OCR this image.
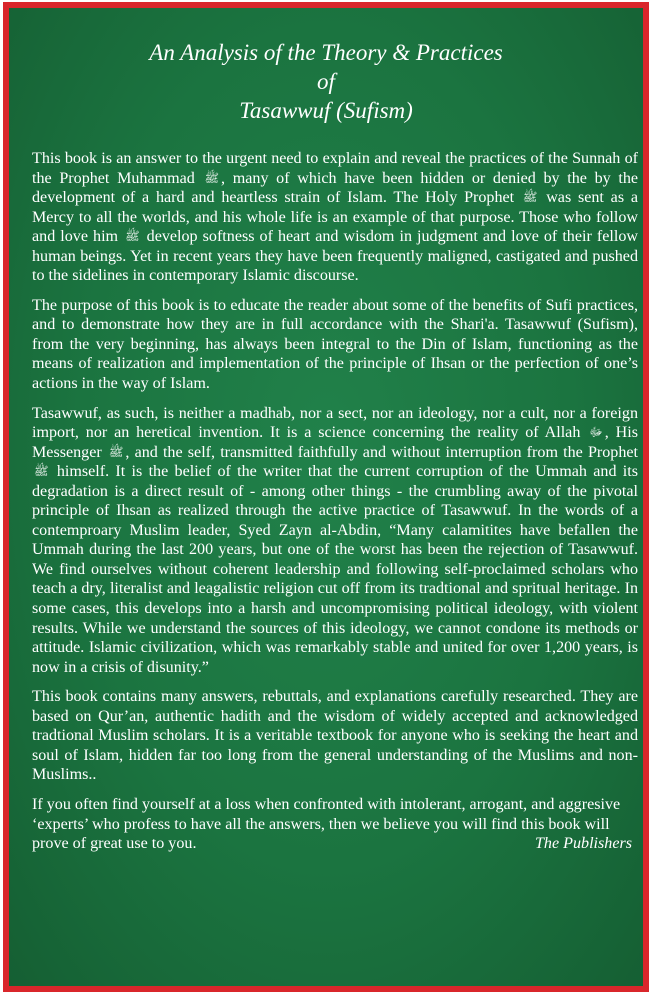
An Analysis of the Theory & Practices
of
Tasawwuf (Sufism)

This book is an answer to the urgent need to explain and reveal the practices of the Sunnah of the Prophet Muhammad ﷺ , many of which have been hidden or denied by the by the development of a hard and heartless strain of Islam. The Holy Prophet ﷺ was sent as a Mercy to all the worlds, and his whole life is an example of that purpose. Those who follow and love him ﷺ develop softness of heart and wisdom in judgment and love of their fellow human beings. Yet in recent years they have been frequently maligned, castigated and pushed to the sidelines in contemporary Islamic discourse.

The purpose of this book is to educate the reader about some of the benefits of Sufi practices, and to demonstrate how they are in full accordance with the Shari'a. Tasawwuf (Sufism), from the very beginning, has always been integral to the Din of Islam, functioning as the means of realization and implementation of the principle of Ihsan or the perfection of one’s actions in the way of Islam.

Tasawwuf, as such, is neither a madhab, nor a sect, nor an ideology, nor a cult, nor a foreign import, nor an heretical invention. It is a science concerning the reality of Allah ﷻ , His Messenger ﷺ , and the self, transmitted faithfully and without interruption from the Prophet ﷺ himself. It is the belief of the writer that the current corruption of the Ummah and its degradation is a direct result of - among other things - the crumbling away of the pivotal principle of Ihsan as realized through the active practice of Tasawwuf. In the words of a contemproary Muslim leader, Syed Zayn al-Abdin, “Many calamitites have befallen the Ummah during the last 200 years, but one of the worst has been the rejection of Tasawwuf. We find ourselves without coherent leadership and following self-proclaimed scholars who teach a dry, literalist and leagalistic religion cut off from its tradtional and spritual heritage. In some cases, this develops into a harsh and uncompromising political ideology, with violent results. While we understand the sources of this ideology, we cannot condone its methods or attitude. Islamic civilization, which was remarkably stable and united for over 1,200 years, is now in a crisis of disunity.”

This book contains many answers, rebuttals, and explanations carefully researched. They are based on Qur’an, authentic hadith and the wisdom of widely accepted and acknowledged tradtional Muslim scholars. It is a veritable textbook for anyone who is seeking the heart and soul of Islam, hidden far too long from the general understanding of the Muslims and non-Muslims..

If you often find yourself at a loss when confronted with intolerant, arrogant, and aggresive ‘experts’ who profess to have all the answers, then we believe you will find this book will prove of great use to you.	The Publishers
